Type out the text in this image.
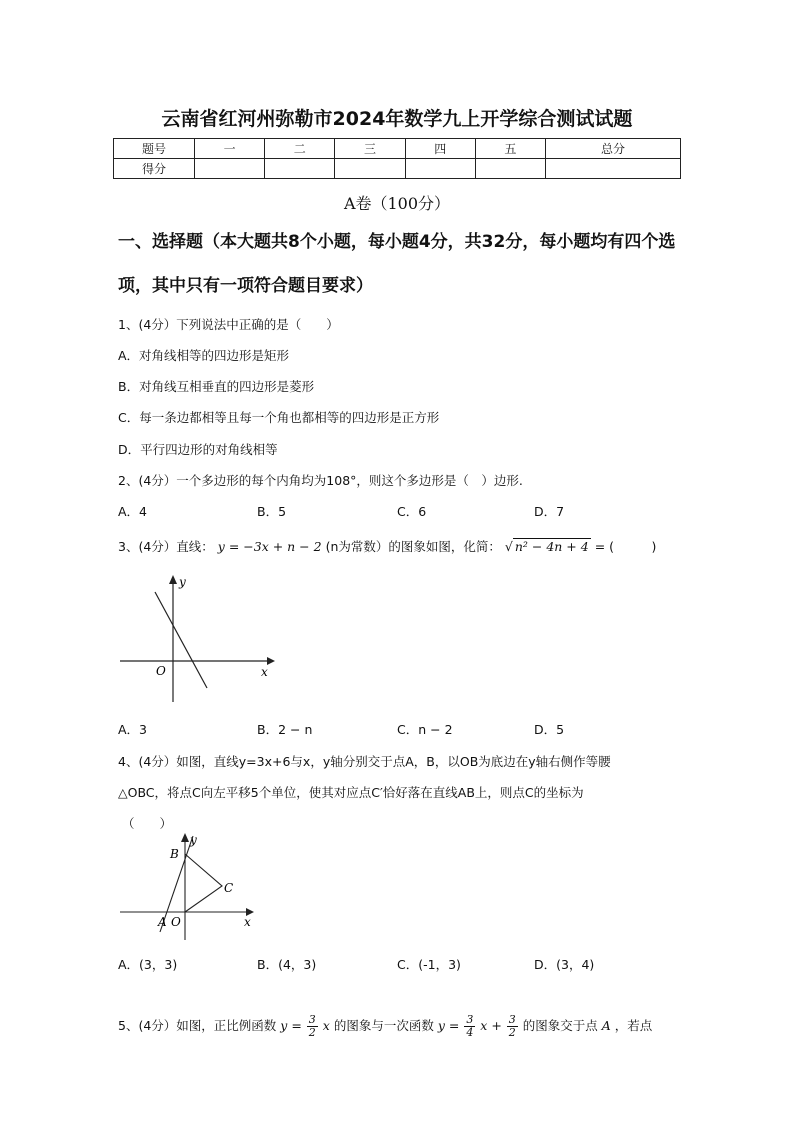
云南省红河州弥勒市2024年数学九上开学综合测试试题
题号	一	二	三	四	五	总分
得分						
A卷（100分）
一、选择题（本大题共8个小题，每小题4分，共32分，每小题均有四个选项，其中只有一项符合题目要求）
1、(4分）下列说法中正确的是（　　）
A．对角线相等的四边形是矩形
B．对角线互相垂直的四边形是菱形
C．每一条边都相等且每一个角也都相等的四边形是正方形
D．平行四边形的对角线相等
2、(4分）一个多边形的每个内角均为108°，则这个多边形是（　）边形.
A．4	B．5	C．6	D．7
3、(4分）直线： y = −3x + n − 2 (n为常数）的图象如图，化简： √ n² − 4n + 4 = (　　　)
y
x
O
A．3	B．2 − n	C．n − 2	D．5
4、(4分）如图，直线y=3x+6与x，y轴分别交于点A，B，以OB为底边在y轴右侧作等腰
△OBC，将点C向左平移5个单位，使其对应点C′恰好落在直线AB上，则点C的坐标为
（　　）
y
x
B
C
A O
A．(3，3)	B．(4，3)	C．(-1，3)	D．(3，4)
5、(4分）如图，正比例函数 $y = \frac{3}{2}$ x 的图象与一次函数 $y = \frac{3}{4}$ $x + \frac{3}{2}$ 的图象交于点 A ，若点
